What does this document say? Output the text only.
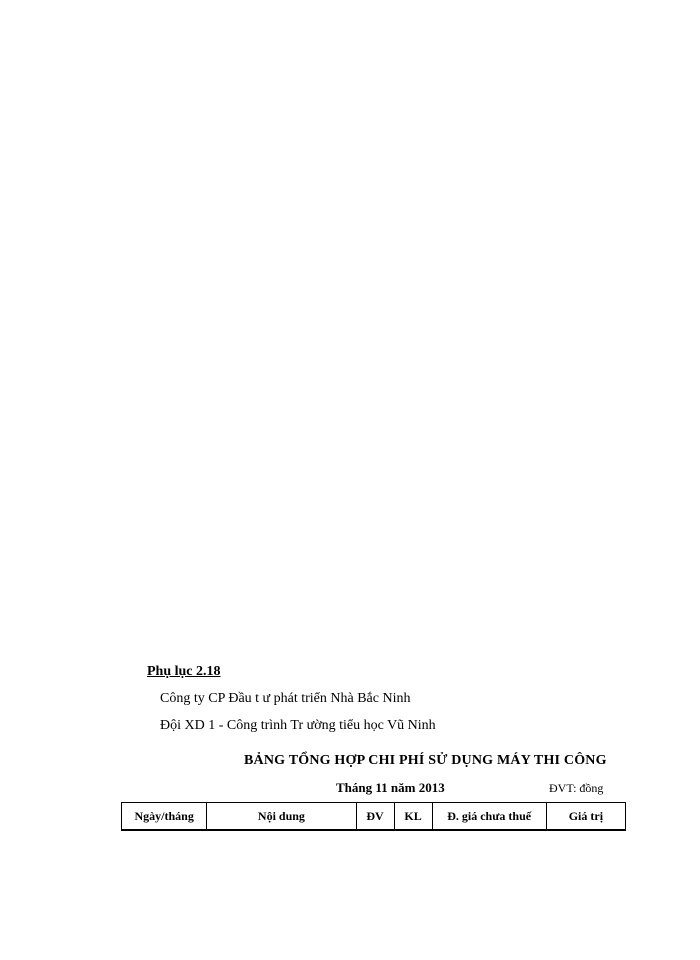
Phụ lục 2.18
Công ty CP Đầu t ư phát triển Nhà Bắc Ninh
Đội XD 1 - Công trình Tr ường tiểu học Vũ Ninh
BẢNG TỔNG HỢP CHI PHÍ SỬ DỤNG MÁY THI CÔNG
Tháng 11 năm 2013	ĐVT: đồng
Ngày/tháng	Nội dung	ĐV	KL	Đ. giá chưa thuế	Giá trị
